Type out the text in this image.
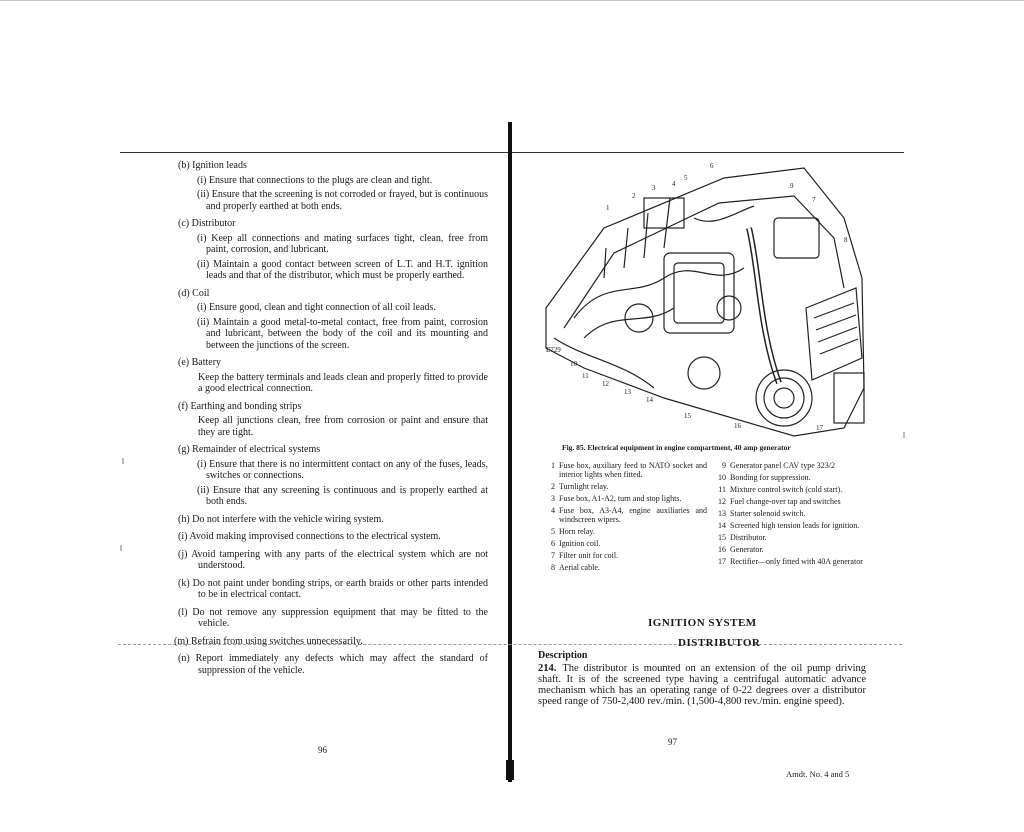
(b) Ignition leads
(i) Ensure that connections to the plugs are clean and tight.
(ii) Ensure that the screening is not corroded or frayed, but is continuous and properly earthed at both ends.
(c) Distributor
(i) Keep all connections and mating surfaces tight, clean, free from paint, corrosion, and lubricant.
(ii) Maintain a good contact between screen of L.T. and H.T. ignition leads and that of the distributor, which must be properly earthed.
(d) Coil
(i) Ensure good, clean and tight connection of all coil leads.
(ii) Maintain a good metal-to-metal contact, free from paint, corrosion and lubricant, between the body of the coil and its mounting and between the junctions of the screen.
(e) Battery
Keep the battery terminals and leads clean and properly fitted to provide a good electrical connection.
(f) Earthing and bonding strips
Keep all junctions clean, free from corrosion or paint and ensure that they are tight.
(g) Remainder of electrical systems
(i) Ensure that there is no intermittent contact on any of the fuses, leads, switches or connections.
(ii) Ensure that any screening is continuous and is properly earthed at both ends.
(h) Do not interfere with the vehicle wiring system.
(i) Avoid making improvised connections to the electrical system.
(j) Avoid tampering with any parts of the electrical system which are not understood.
(k) Do not paint under bonding strips, or earth braids or other parts intended to be in electrical contact.
(l) Do not remove any suppression equipment that may be fitted to the vehicle.
(m) Refrain from using switches unnecessarily.
(n) Report immediately any defects which may affect the standard of suppression of the vehicle.
96
E729
1
2
3 4
5
6
7
8
9
10
11
12
13
14
15
16	17
Fig. 85. Electrical equipment in engine compartment, 40 amp generator
1 Fuse box, auxiliary feed to NATO socket and interior lights when fitted.
2 Turnlight relay.
3 Fuse box, A1-A2, turn and stop lights.
4 Fuse box, A3-A4, engine auxiliaries and windscreen wipers.
5 Horn relay.
6 Ignition coil.
7 Filter unit for coil.
8 Aerial cable.
9 Generator panel CAV type 323/2
10 Bonding for suppression.
11 Mixture control switch (cold start).
12 Fuel change-over tap and switches
13 Starter solenoid switch.
14 Screened high tension leads for ignition.
15 Distributor.
16 Generator.
17 Rectifier—only fitted with 40A generator
IGNITION SYSTEM
DISTRIBUTOR
Description
214. The distributor is mounted on an extension of the oil pump driving shaft. It is of the screened type having a centrifugal automatic advance mechanism which has an operating range of 0-22 degrees over a distributor speed range of 750-2,400 rev./min. (1,500-4,800 rev./min. engine speed).
97
Amdt. No. 4 and 5
